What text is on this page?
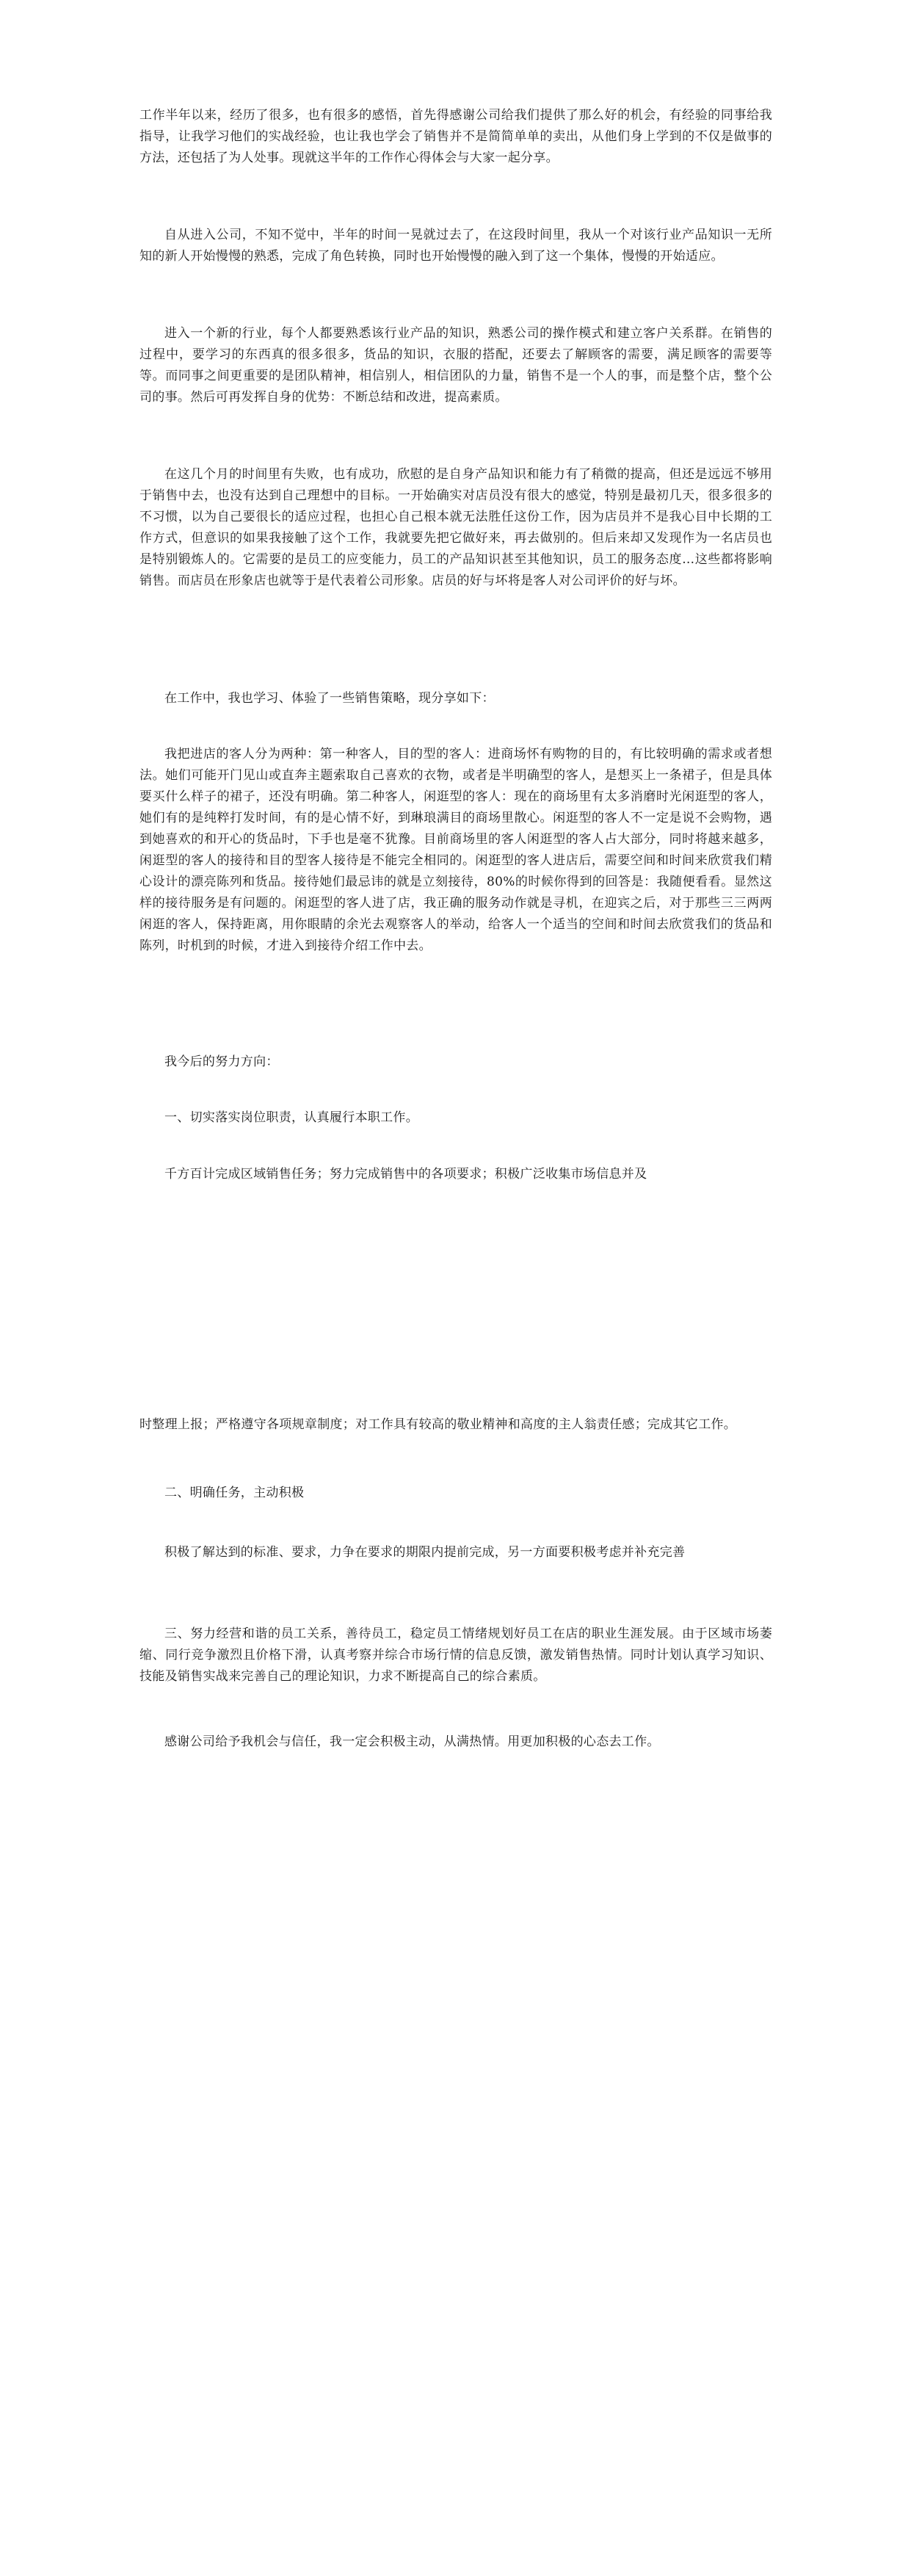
工作半年以来，经历了很多，也有很多的感悟，首先得感谢公司给我们提供了那么好的机会，有经验的同事给我指导，让我学习他们的实战经验，也让我也学会了销售并不是简简单单的卖出，从他们身上学到的不仅是做事的方法，还包括了为人处事。现就这半年的工作作心得体会与大家一起分享。

自从进入公司，不知不觉中，半年的时间一晃就过去了，在这段时间里，我从一个对该行业产品知识一无所知的新人开始慢慢的熟悉，完成了角色转换，同时也开始慢慢的融入到了这一个集体，慢慢的开始适应。

进入一个新的行业，每个人都要熟悉该行业产品的知识，熟悉公司的操作模式和建立客户关系群。在销售的过程中，要学习的东西真的很多很多，货品的知识，衣服的搭配，还要去了解顾客的需要，满足顾客的需要等等。而同事之间更重要的是团队精神，相信别人，相信团队的力量，销售不是一个人的事，而是整个店，整个公司的事。然后可再发挥自身的优势：不断总结和改进，提高素质。

在这几个月的时间里有失败，也有成功，欣慰的是自身产品知识和能力有了稍微的提高，但还是远远不够用于销售中去，也没有达到自己理想中的目标。一开始确实对店员没有很大的感觉，特别是最初几天，很多很多的不习惯，以为自己要很长的适应过程，也担心自己根本就无法胜任这份工作，因为店员并不是我心目中长期的工作方式，但意识的如果我接触了这个工作，我就要先把它做好来，再去做别的。但后来却又发现作为一名店员也是特别锻炼人的。它需要的是员工的应变能力，员工的产品知识甚至其他知识，员工的服务态度…这些都将影响销售。而店员在形象店也就等于是代表着公司形象。店员的好与坏将是客人对公司评价的好与坏。

在工作中，我也学习、体验了一些销售策略，现分享如下：

我把进店的客人分为两种：第一种客人，目的型的客人：进商场怀有购物的目的，有比较明确的需求或者想法。她们可能开门见山或直奔主题索取自己喜欢的衣物，或者是半明确型的客人，是想买上一条裙子，但是具体要买什么样子的裙子，还没有明确。第二种客人，闲逛型的客人：现在的商场里有太多消磨时光闲逛型的客人，她们有的是纯粹打发时间，有的是心情不好，到琳琅满目的商场里散心。闲逛型的客人不一定是说不会购物，遇到她喜欢的和开心的货品时，下手也是毫不犹豫。目前商场里的客人闲逛型的客人占大部分，同时将越来越多，闲逛型的客人的接待和目的型客人接待是不能完全相同的。闲逛型的客人进店后，需要空间和时间来欣赏我们精心设计的漂亮陈列和货品。接待她们最忌讳的就是立刻接待，80%的时候你得到的回答是：我随便看看。显然这样的接待服务是有问题的。闲逛型的客人进了店，我正确的服务动作就是寻机，在迎宾之后，对于那些三三两两闲逛的客人，保持距离，用你眼睛的余光去观察客人的举动，给客人一个适当的空间和时间去欣赏我们的货品和陈列，时机到的时候，才进入到接待介绍工作中去。

我今后的努力方向：

一、切实落实岗位职责，认真履行本职工作。

千方百计完成区域销售任务；努力完成销售中的各项要求；积极广泛收集市场信息并及

时整理上报；严格遵守各项规章制度；对工作具有较高的敬业精神和高度的主人翁责任感；完成其它工作。

二、明确任务，主动积极

积极了解达到的标准、要求，力争在要求的期限内提前完成，另一方面要积极考虑并补充完善

三、努力经营和谐的员工关系，善待员工，稳定员工情绪规划好员工在店的职业生涯发展。由于区域市场萎缩、同行竞争激烈且价格下滑，认真考察并综合市场行情的信息反馈，激发销售热情。同时计划认真学习知识、技能及销售实战来完善自己的理论知识，力求不断提高自己的综合素质。

感谢公司给予我机会与信任，我一定会积极主动，从满热情。用更加积极的心态去工作。
